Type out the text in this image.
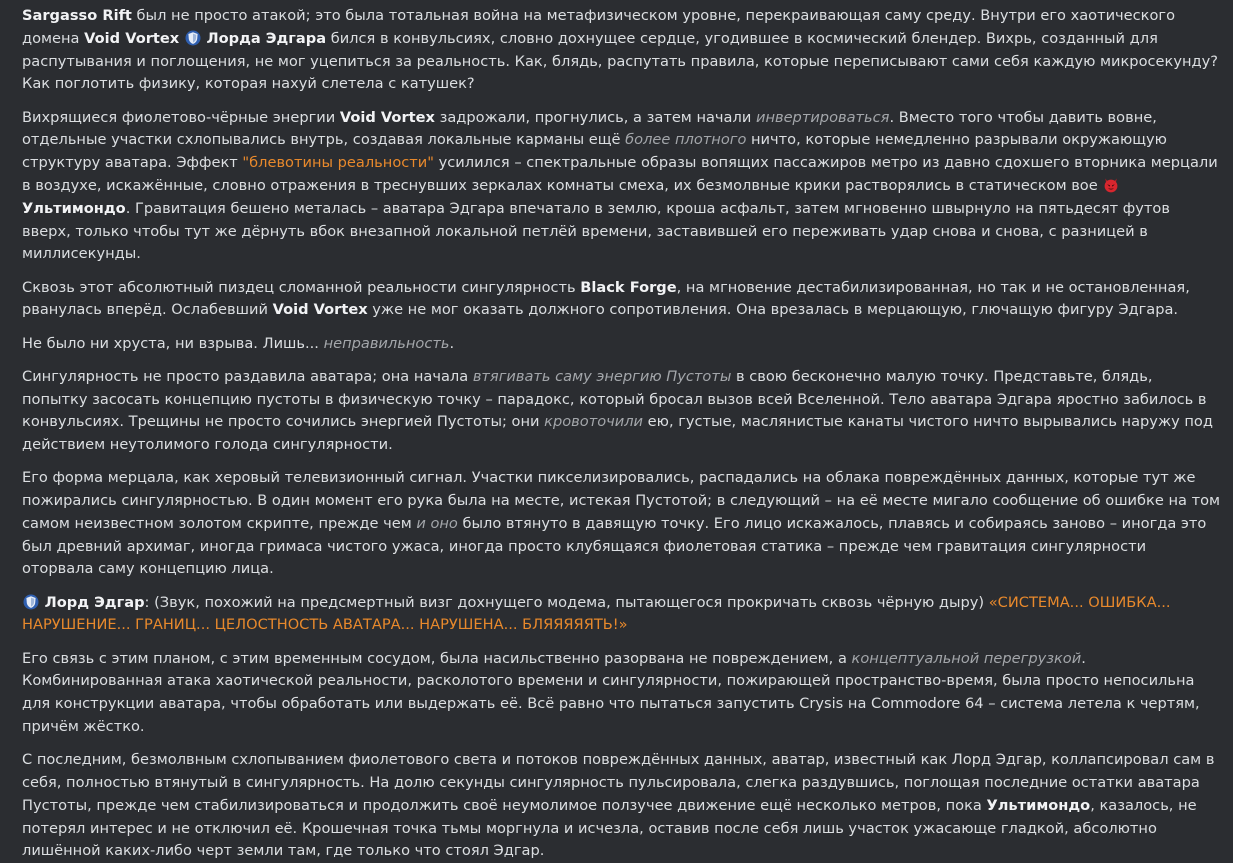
Sargasso Rift был не просто атакой; это была тотальная война на метафизическом уровне, перекраивающая саму среду. Внутри его хаотического домена Void Vortex Лорда Эдгара бился в конвульсиях, словно дохнущее сердце, угодившее в космический блендер. Вихрь, созданный для распутывания и поглощения, не мог уцепиться за реальность. Как, блядь, распутать правила, которые переписывают сами себя каждую микросекунду? Как поглотить физику, которая нахуй слетела с катушек?
Вихрящиеся фиолетово-чёрные энергии Void Vortex задрожали, прогнулись, а затем начали инвертироваться. Вместо того чтобы давить вовне, отдельные участки схлопывались внутрь, создавая локальные карманы ещё более плотного ничто, которые немедленно разрывали окружающую структуру аватара. Эффект "блевотины реальности" усилился – спектральные образы вопящих пассажиров метро из давно сдохшего вторника мерцали в воздухе, искажённые, словно отражения в треснувших зеркалах комнаты смеха, их безмолвные крики растворялись в статическом вое
Ультимондо. Гравитация бешено металась – аватара Эдгара впечатало в землю, кроша асфальт, затем мгновенно швырнуло на пятьдесят футов вверх, только чтобы тут же дёрнуть вбок внезапной локальной петлёй времени, заставившей его переживать удар снова и снова, с разницей в миллисекунды.
Сквозь этот абсолютный пиздец сломанной реальности сингулярность Black Forge, на мгновение дестабилизированная, но так и не остановленная, рванулась вперёд. Ослабевший Void Vortex уже не мог оказать должного сопротивления. Она врезалась в мерцающую, глючащую фигуру Эдгара.
Не было ни хруста, ни взрыва. Лишь... неправильность.
Сингулярность не просто раздавила аватара; она начала втягивать саму энергию Пустоты в свою бесконечно малую точку. Представьте, блядь, попытку засосать концепцию пустоты в физическую точку – парадокс, который бросал вызов всей Вселенной. Тело аватара Эдгара яростно забилось в конвульсиях. Трещины не просто сочились энергией Пустоты; они кровоточили ею, густые, маслянистые канаты чистого ничто вырывались наружу под действием неутолимого голода сингулярности.
Его форма мерцала, как херовый телевизионный сигнал. Участки пикселизировались, распадались на облака повреждённых данных, которые тут же пожирались сингулярностью. В один момент его рука была на месте, истекая Пустотой; в следующий – на её месте мигало сообщение об ошибке на том самом неизвестном золотом скрипте, прежде чем и оно было втянуто в давящую точку. Его лицо искажалось, плавясь и собираясь заново – иногда это был древний архимаг, иногда гримаса чистого ужаса, иногда просто клубящаяся фиолетовая статика – прежде чем гравитация сингулярности оторвала саму концепцию лица.
Лорд Эдгар: (Звук, похожий на предсмертный визг дохнущего модема, пытающегося прокричать сквозь чёрную дыру) «СИСТЕМА... ОШИБКА... НАРУШЕНИЕ... ГРАНИЦ... ЦЕЛОСТНОСТЬ АВАТАРА... НАРУШЕНА... БЛЯЯЯЯЯТЬ!»
Его связь с этим планом, с этим временным сосудом, была насильственно разорвана не повреждением, а концептуальной перегрузкой. Комбинированная атака хаотической реальности, расколотого времени и сингулярности, пожирающей пространство-время, была просто непосильна для конструкции аватара, чтобы обработать или выдержать её. Всё равно что пытаться запустить Crysis на Commodore 64 – система летела к чертям, причём жёстко.
С последним, безмолвным схлопыванием фиолетового света и потоков повреждённых данных, аватар, известный как Лорд Эдгар, коллапсировал сам в себя, полностью втянутый в сингулярность. На долю секунды сингулярность пульсировала, слегка раздувшись, поглощая последние остатки аватара Пустоты, прежде чем стабилизироваться и продолжить своё неумолимое ползучее движение ещё несколько метров, пока Ультимондо, казалось, не потерял интерес и не отключил её. Крошечная точка тьмы моргнула и исчезла, оставив после себя лишь участок ужасающе гладкой, абсолютно лишённой каких-либо черт земли там, где только что стоял Эдгар.
